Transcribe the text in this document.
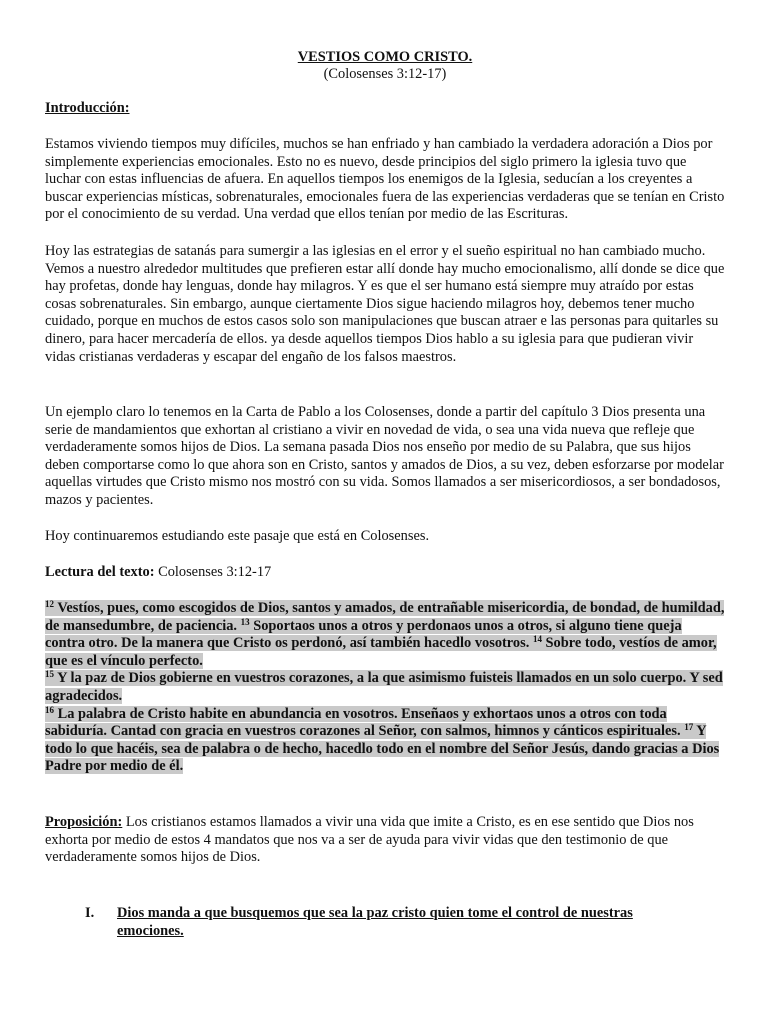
VESTIOS COMO CRISTO.
(Colosenses 3:12-17)
Introducción:

Estamos viviendo tiempos muy difíciles, muchos se han enfriado y han cambiado la verdadera adoración a Dios por simplemente experiencias emocionales. Esto no es nuevo, desde principios del siglo primero la iglesia tuvo que luchar con estas influencias de afuera. En aquellos tiempos los enemigos de la Iglesia, seducían a los creyentes a buscar experiencias místicas, sobrenaturales, emocionales fuera de las experiencias verdaderas que se tenían en Cristo por el conocimiento de su verdad. Una verdad que ellos tenían por medio de las Escrituras.

Hoy las estrategias de satanás para sumergir a las iglesias en el error y el sueño espiritual no han cambiado mucho. Vemos a nuestro alrededor multitudes que prefieren estar allí donde hay mucho emocionalismo, allí donde se dice que hay profetas, donde hay lenguas, donde hay milagros. Y es que el ser humano está siempre muy atraído por estas cosas sobrenaturales. Sin embargo, aunque ciertamente Dios sigue haciendo milagros hoy, debemos tener mucho cuidado, porque en muchos de estos casos solo son manipulaciones que buscan atraer e las personas para quitarles su dinero, para hacer mercadería de ellos. ya desde aquellos tiempos Dios hablo a su iglesia para que pudieran vivir vidas cristianas verdaderas y escapar del engaño de los falsos maestros.

Un ejemplo claro lo tenemos en la Carta de Pablo a los Colosenses, donde a partir del capítulo 3 Dios presenta una serie de mandamientos que exhortan al cristiano a vivir en novedad de vida, o sea una vida nueva que refleje que verdaderamente somos hijos de Dios. La semana pasada Dios nos enseño por medio de su Palabra, que sus hijos deben comportarse como lo que ahora son en Cristo, santos y amados de Dios, a su vez, deben esforzarse por modelar aquellas virtudes que Cristo mismo nos mostró con su vida. Somos llamados a ser misericordiosos, a ser bondadosos, mazos y pacientes.

Hoy continuaremos estudiando este pasaje que está en Colosenses.

Lectura del texto: Colosenses 3:12-17
$^{12}$ Vestíos, pues, como escogidos de Dios, santos y amados, de entrañable misericordia, de bondad, de humildad, de mansedumbre, de paciencia. $^{13}$ Soportaos unos a otros y perdonaos unos a otros, si alguno tiene queja contra otro. De la manera que Cristo os perdonó, así también hacedlo vosotros. $^{14}$ Sobre todo, vestíos de amor, que es el vínculo perfecto.
$^{15}$ Y la paz de Dios gobierne en vuestros corazones, a la que asimismo fuisteis llamados en un solo cuerpo. Y sed agradecidos.
$^{16}$ La palabra de Cristo habite en abundancia en vosotros. Enseñaos y exhortaos unos a otros con toda sabiduría. Cantad con gracia en vuestros corazones al Señor, con salmos, himnos y cánticos espirituales. $^{17}$ Y todo lo que hacéis, sea de palabra o de hecho, hacedlo todo en el nombre del Señor Jesús, dando gracias a Dios Padre por medio de él.

Proposición: Los cristianos estamos llamados a vivir una vida que imite a Cristo, es en ese sentido que Dios nos exhorta por medio de estos 4 mandatos que nos va a ser de ayuda para vivir vidas que den testimonio de que verdaderamente somos hijos de Dios.

I. Dios manda a que busquemos que sea la paz cristo quien tome el control de nuestras emociones.
